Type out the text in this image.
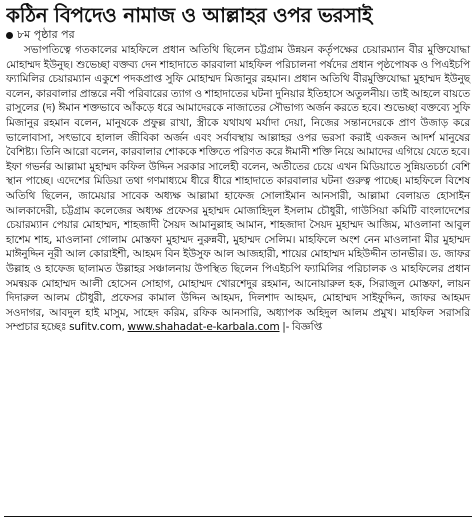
কঠিন বিপদেও নামাজ ও আল্লাহর ওপর ভরসাই
৮ম পৃষ্ঠার পর
সভাপতিত্বে গতকালের মাহফিলে প্রধান অতিথি ছিলেন চট্টগ্রাম উন্নয়ন কর্তৃপক্ষের চেয়ারম্যান বীর মুক্তিযোদ্ধা মোহাম্মদ ইউনুছ। শুভেচ্ছা বক্তব্য দেন শাহাদাতে কারবালা মাহফিল পরিচালনা পর্ষদের প্রধান পৃষ্ঠপোষক ও পিএইচপি ফ্যামিলির চেয়ারম্যান একুশে পদকপ্রাপ্ত সুফি মোহাম্মদ মিজানুর রহমান। প্রধান অতিথি বীরমুক্তিযোদ্ধা মুহাম্মদ ইউনুছ বলেন, কারবালার প্রান্তরে নবী পরিবারের ত্যাগ ও শাহাদাতের ঘটনা দুনিয়ার ইতিহাসে অতুলনীয়। তাই আহলে বায়তে রাসুলের (দ) ঈমান শক্তভাবে আঁকড়ে ধরে আমাদেরকে নাজাতের সৌভাগ্য অর্জন করতে হবে। শুভেচ্ছা বক্তব্যে সুফি মিজানুর রহমান বলেন, মানুষকে প্রফুল্ল রাখা, স্ত্রীকে যথাযথ মর্যাদা দেয়া, নিজের সন্তানদেরকে প্রাণ উজাড় করে ভালোবাসা, সৎভাবে হালাল জীবিকা অর্জন এবং সর্বাবস্থায় আল্লাহর ওপর ভরসা করাই একজন আদর্শ মানুষের বৈশিষ্ট্য। তিনি আরো বলেন, কারবালার শোককে শক্তিতে পরিণত করে ঈমানী শক্তি নিয়ে আমাদের এগিয়ে যেতে হবে। ইফা গভর্নর আল্লামা মুহাম্মদ কফিল উদ্দিন সরকার সালেহী বলেন, অতীতের চেয়ে এখন মিডিয়াতে সুন্নিয়তচর্চা বেশি স্থান পাচ্ছে। এদেশের মিডিয়া তথা গণমাধ্যমে ধীরে ধীরে শাহাদাতে কারবালার ঘটনা গুরুত্ব পাচ্ছে। মাহফিলে বিশেষ অতিথি ছিলেন, জামেয়ার সাবেক অধ্যক্ষ আল্লামা হাফেজ সোলাইমান আনসারী, আল্লামা বেলায়ত হোসাইন আলকাদেরী, চট্টগ্রাম কলেজের অধ্যক্ষ প্রফেসর মুহাম্মদ মোজাহিদুল ইসলাম চৌধুরী, গাউসিয়া কমিটি বাংলাদেশের চেয়ারম্যান পেয়ার মোহাম্মদ, শাহজাদী সৈয়দ আমানুল্লাহ আমান, শাহজাদা সৈয়দ মুহাম্মদ আজিম, মাওলানা আবুল হাশেম শাহ, মাওলানা গোলাম মোস্তফা মুহাম্মদ নুরুন্নবী, মুহাম্মদ সেলিম। মাহফিলে অংশ নেন মাওলানা মীর মুহাম্মদ মাঈনুদ্দিন নূরী আল কোরাইশী, আহমদ বিন ইউসুফ আল আজহারী, শায়ের মোহাম্মদ মহিউদ্দীন তানভীর। ড. জাফর উল্লাহ ও হাফেজ ছালামত উল্লাহর সঞ্চালনায় উপস্থিত ছিলেন পিএইচপি ফ্যামিলির পরিচালক ও মাহফিলের প্রধান সমন্বয়ক মোহাম্মদ আলী হোসেন সোহাগ, মোহাম্মদ খোরশেদুর রহমান, আনোয়ারুল হক, সিরাজুল মোস্তফা, লায়ন দিদারুল আলম চৌধুরী, প্রফেসর কামাল উদ্দিন আহমদ, দিলশাদ আহমদ, মোহাম্মদ সাইফুদ্দিন, জাফর আহমদ সওদাগর, আবদুল হাই মাসুম, সাহেদ করিম, রফিক আনসারি, অধ্যাপক অহিদুল আলম প্রমুখ। মাহফিল সরাসরি সম্প্রচার হচ্ছেঃ sufitv.com, www.shahadat-e-karbala.com |- বিজ্ঞপ্তি
